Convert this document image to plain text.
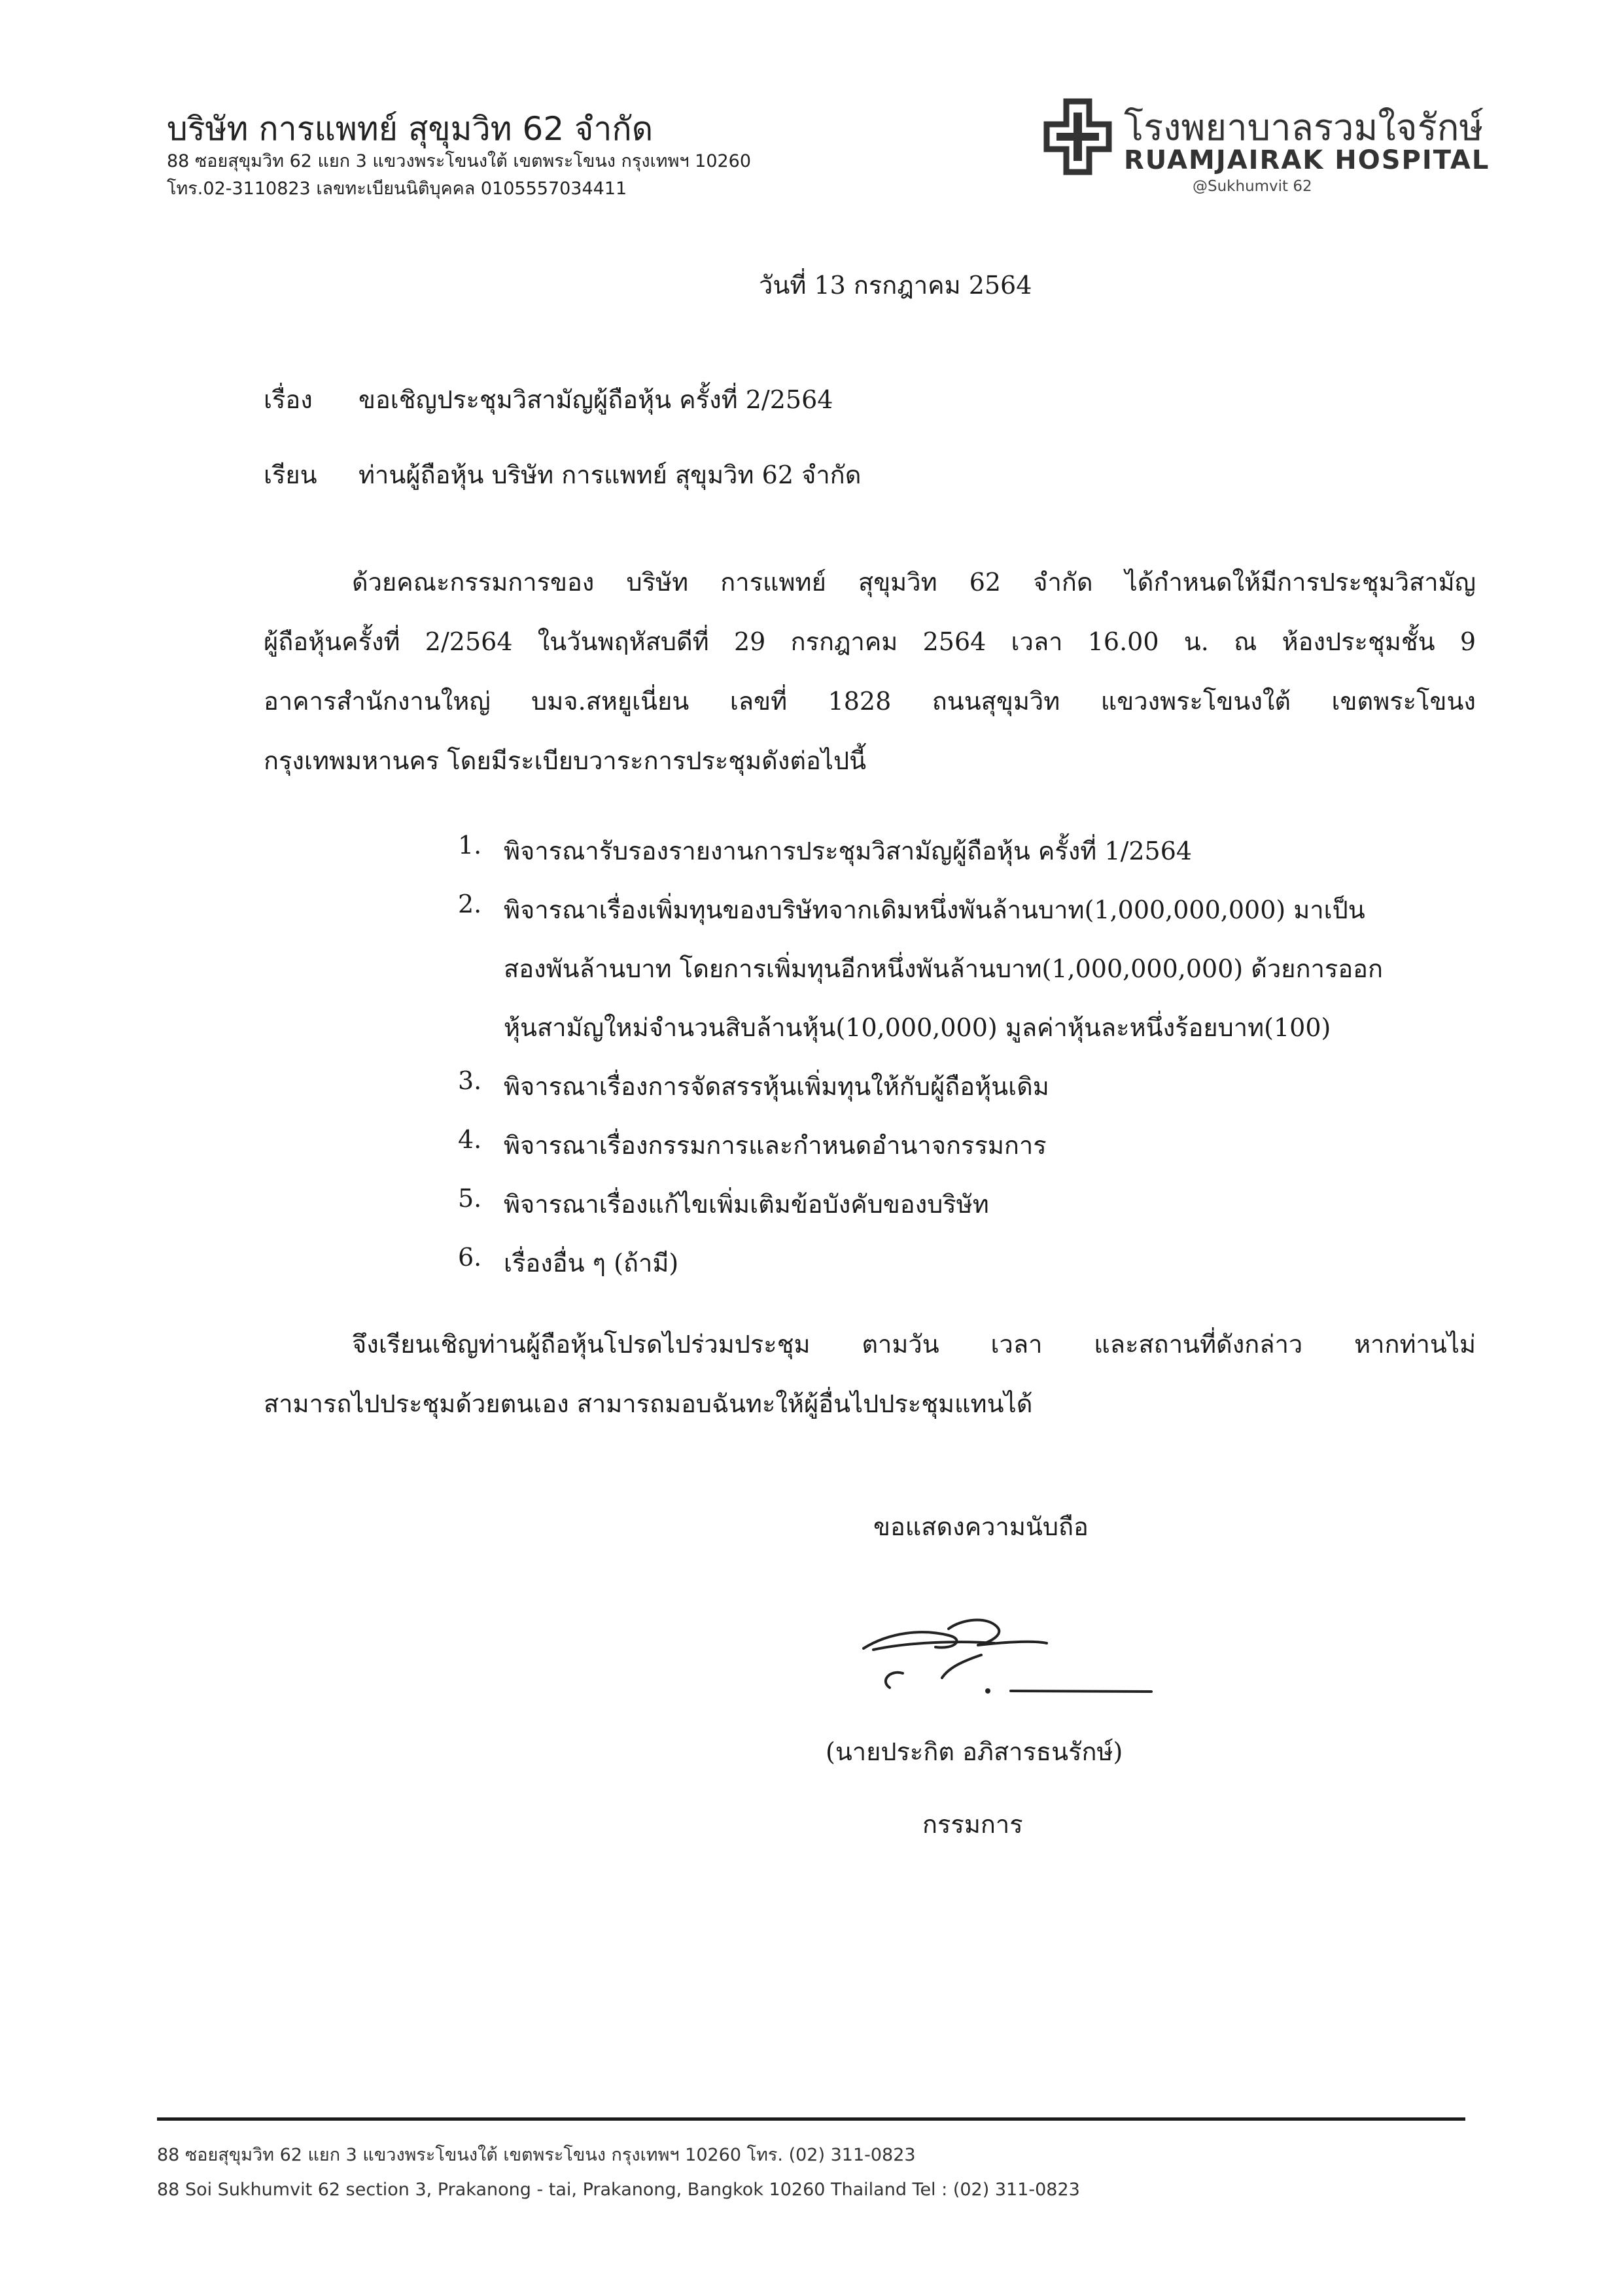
บริษัท การแพทย์ สุขุมวิท 62 จำกัด
88 ซอยสุขุมวิท 62 แยก 3 แขวงพระโขนงใต้ เขตพระโขนง กรุงเทพฯ 10260
โทร.02-3110823 เลขทะเบียนนิติบุคคล 0105557034411
โรงพยาบาลรวมใจรักษ์
RUAMJAIRAK HOSPITAL
@Sukhumvit 62
วันที่ 13 กรกฎาคม 2564
เรื่อง ขอเชิญประชุมวิสามัญผู้ถือหุ้น ครั้งที่ 2/2564
เรียน ท่านผู้ถือหุ้น บริษัท การแพทย์ สุขุมวิท 62 จำกัด
ด้วยคณะกรรมการของ บริษัท การแพทย์ สุขุมวิท 62 จำกัด ได้กำหนดให้มีการประชุมวิสามัญ
ผู้ถือหุ้นครั้งที่ 2/2564 ในวันพฤหัสบดีที่ 29 กรกฎาคม 2564 เวลา 16.00 น. ณ ห้องประชุมชั้น 9
อาคารสำนักงานใหญ่ บมจ.สหยูเนี่ยน เลขที่ 1828 ถนนสุขุมวิท แขวงพระโขนงใต้ เขตพระโขนง
กรุงเทพมหานคร โดยมีระเบียบวาระการประชุมดังต่อไปนี้
1. พิจารณารับรองรายงานการประชุมวิสามัญผู้ถือหุ้น ครั้งที่ 1/2564
2. พิจารณาเรื่องเพิ่มทุนของบริษัทจากเดิมหนึ่งพันล้านบาท(1,000,000,000) มาเป็น
สองพันล้านบาท โดยการเพิ่มทุนอีกหนึ่งพันล้านบาท(1,000,000,000) ด้วยการออก
หุ้นสามัญใหม่จำนวนสิบล้านหุ้น(10,000,000) มูลค่าหุ้นละหนึ่งร้อยบาท(100)
3. พิจารณาเรื่องการจัดสรรหุ้นเพิ่มทุนให้กับผู้ถือหุ้นเดิม
4. พิจารณาเรื่องกรรมการและกำหนดอำนาจกรรมการ
5. พิจารณาเรื่องแก้ไขเพิ่มเติมข้อบังคับของบริษัท
6. เรื่องอื่น ๆ (ถ้ามี)
จึงเรียนเชิญท่านผู้ถือหุ้นโปรดไปร่วมประชุม ตามวัน เวลา และสถานที่ดังกล่าว หากท่านไม่
สามารถไปประชุมด้วยตนเอง สามารถมอบฉันทะให้ผู้อื่นไปประชุมแทนได้
ขอแสดงความนับถือ
(นายประกิต อภิสารธนรักษ์)
กรรมการ
88 ซอยสุขุมวิท 62 แยก 3 แขวงพระโขนงใต้ เขตพระโขนง กรุงเทพฯ 10260 โทร. (02) 311-0823
88 Soi Sukhumvit 62 section 3, Prakanong - tai, Prakanong, Bangkok 10260 Thailand Tel : (02) 311-0823
